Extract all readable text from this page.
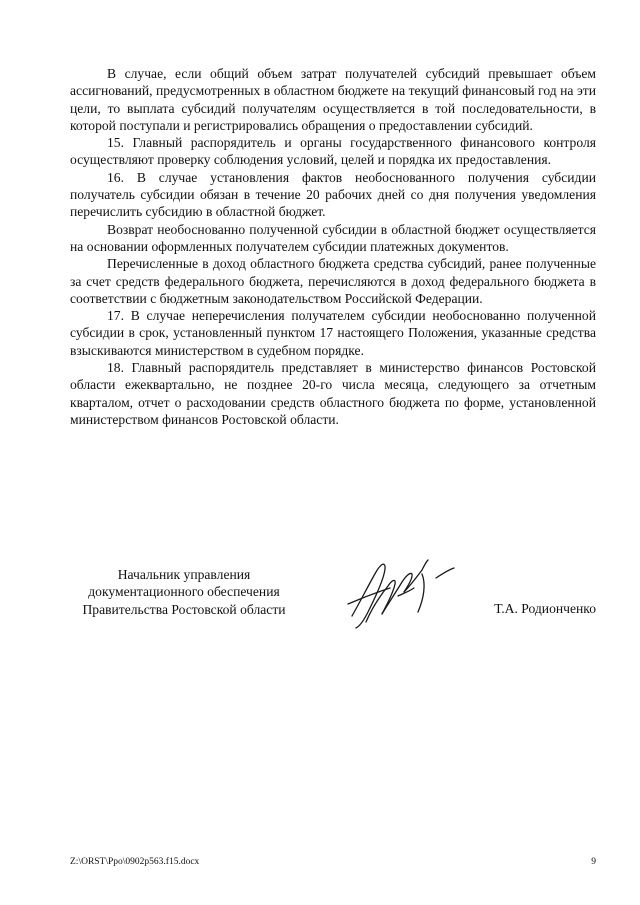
В случае, если общий объем затрат получателей субсидий превышает объем ассигнований, предусмотренных в областном бюджете на текущий финансовый год на эти цели, то выплата субсидий получателям осуществляется в той последовательности, в которой поступали и регистрировались обращения о предоставлении субсидий.

15. Главный распорядитель и органы государственного финансового контроля осуществляют проверку соблюдения условий, целей и порядка их предоставления.

16. В случае установления фактов необоснованного получения субсидии получатель субсидии обязан в течение 20 рабочих дней со дня получения уведомления перечислить субсидию в областной бюджет.

Возврат необоснованно полученной субсидии в областной бюджет осуществляется на основании оформленных получателем субсидии платежных документов.

Перечисленные в доход областного бюджета средства субсидий, ранее полученные за счет средств федерального бюджета, перечисляются в доход федерального бюджета в соответствии с бюджетным законодательством Российской Федерации.

17. В случае неперечисления получателем субсидии необоснованно полученной субсидии в срок, установленный пунктом 17 настоящего Положения, указанные средства взыскиваются министерством в судебном порядке.

18. Главный распорядитель представляет в министерство финансов Ростовской области ежеквартально, не позднее 20-го числа месяца, следующего за отчетным кварталом, отчет о расходовании средств областного бюджета по форме, установленной министерством финансов Ростовской области.

Начальник управления
документационного обеспечения
Правительства Ростовской области	Т.А. Родионченко
Z:\ORST\Ppo\0902p563.f15.docx	9
